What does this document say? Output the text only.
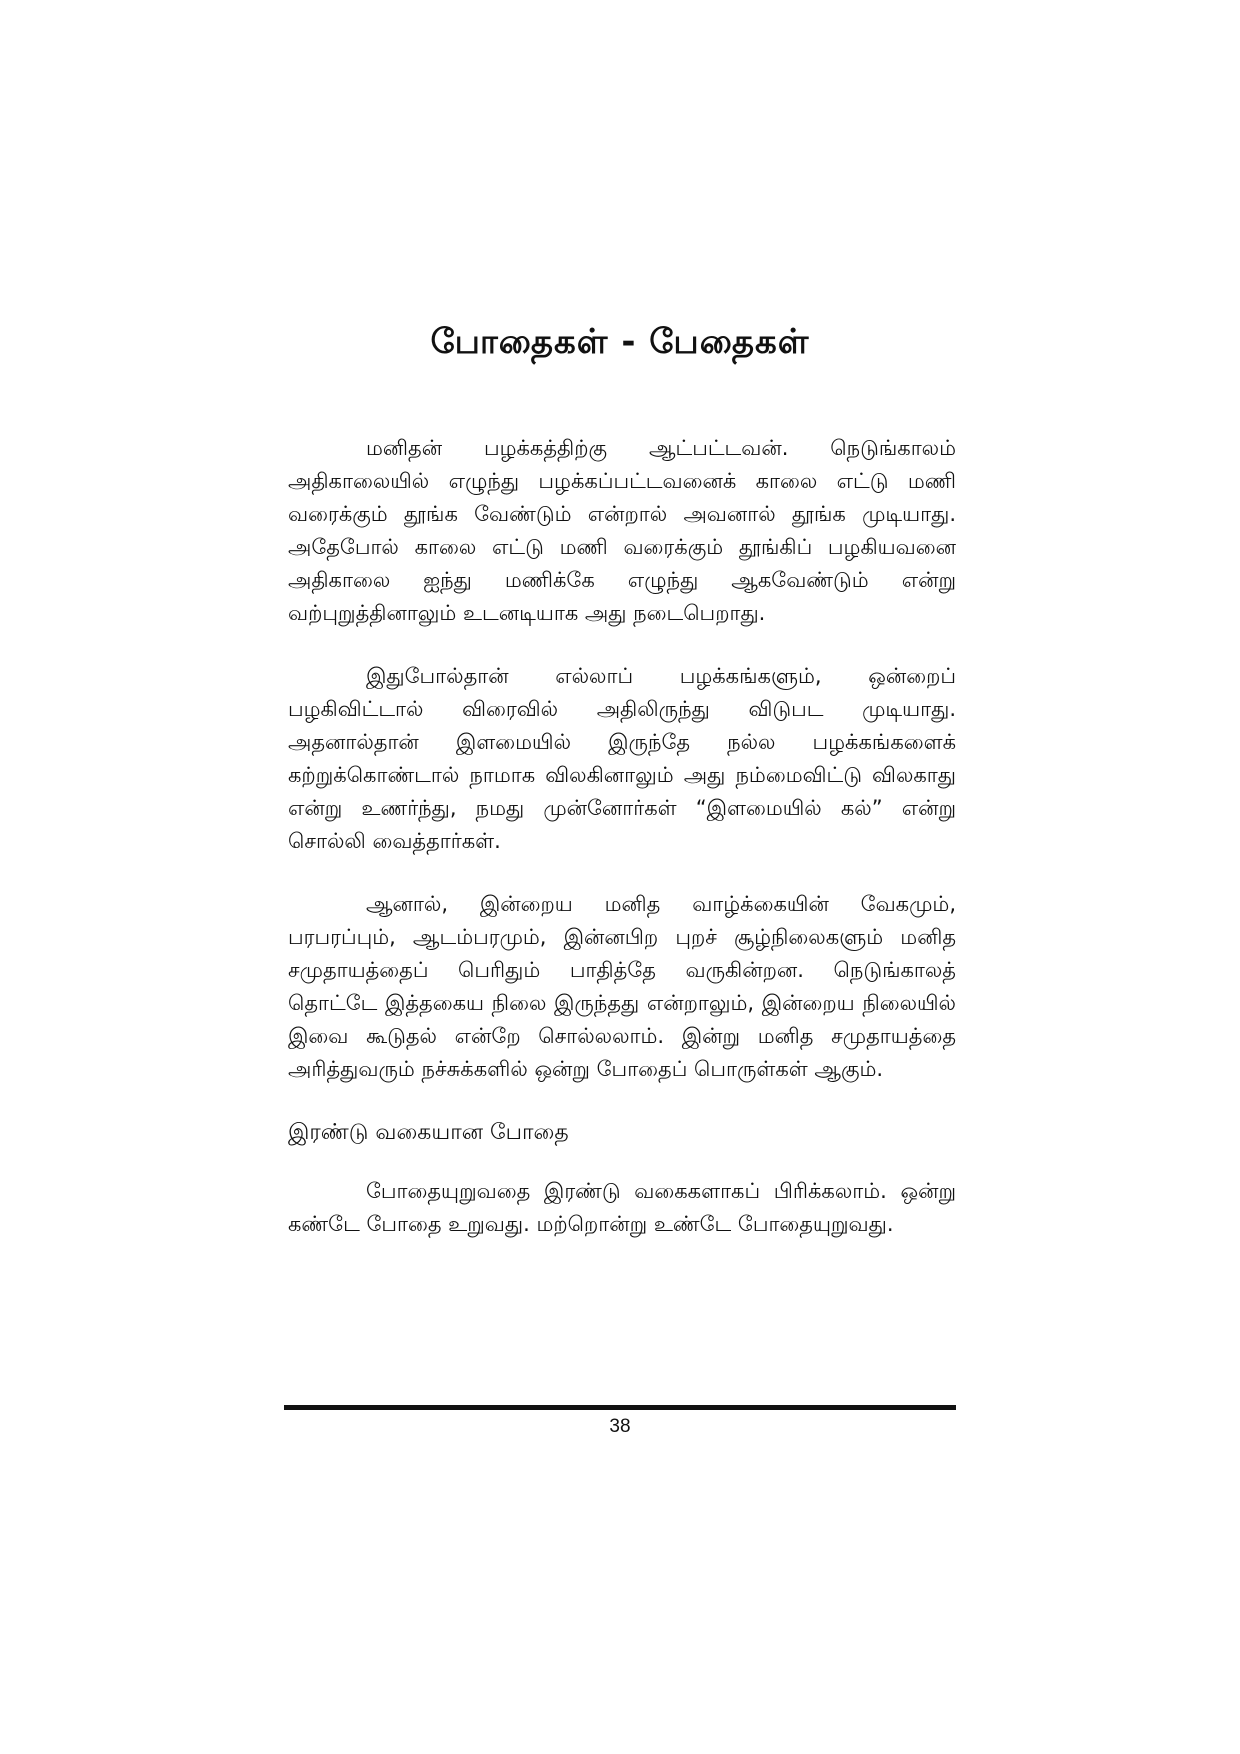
போதைகள் - பேதைகள்

மனிதன் பழக்கத்திற்கு ஆட்பட்டவன். நெடுங்காலம் அதிகாலையில் எழுந்து பழக்கப்பட்டவனைக் காலை எட்டு மணி வரைக்கும் தூங்க வேண்டும் என்றால் அவனால் தூங்க முடியாது. அதேபோல் காலை எட்டு மணி வரைக்கும் தூங்கிப் பழகியவனை அதிகாலை ஐந்து மணிக்கே எழுந்து ஆகவேண்டும் என்று வற்புறுத்தினாலும் உடனடியாக அது நடைபெறாது.

இதுபோல்தான் எல்லாப் பழக்கங்களும், ஒன்றைப் பழகிவிட்டால் விரைவில் அதிலிருந்து விடுபட முடியாது. அதனால்தான் இளமையில் இருந்தே நல்ல பழக்கங்களைக் கற்றுக்கொண்டால் நாமாக விலகினாலும் அது நம்மைவிட்டு விலகாது என்று உணர்ந்து, நமது முன்னோர்கள் “இளமையில் கல்” என்று சொல்லி வைத்தார்கள்.

ஆனால், இன்றைய மனித வாழ்க்கையின் வேகமும், பரபரப்பும், ஆடம்பரமும், இன்னபிற புறச் சூழ்நிலைகளும் மனித சமுதாயத்தைப் பெரிதும் பாதித்தே வருகின்றன. நெடுங்காலத் தொட்டே இத்தகைய நிலை இருந்தது என்றாலும், இன்றைய நிலையில் இவை கூடுதல் என்றே சொல்லலாம். இன்று மனித சமுதாயத்தை அரித்துவரும் நச்சுக்களில் ஒன்று போதைப் பொருள்கள் ஆகும்.

இரண்டு வகையான போதை

போதையுறுவதை இரண்டு வகைகளாகப் பிரிக்கலாம். ஒன்று கண்டே போதை உறுவது. மற்றொன்று உண்டே போதையுறுவது.

38
